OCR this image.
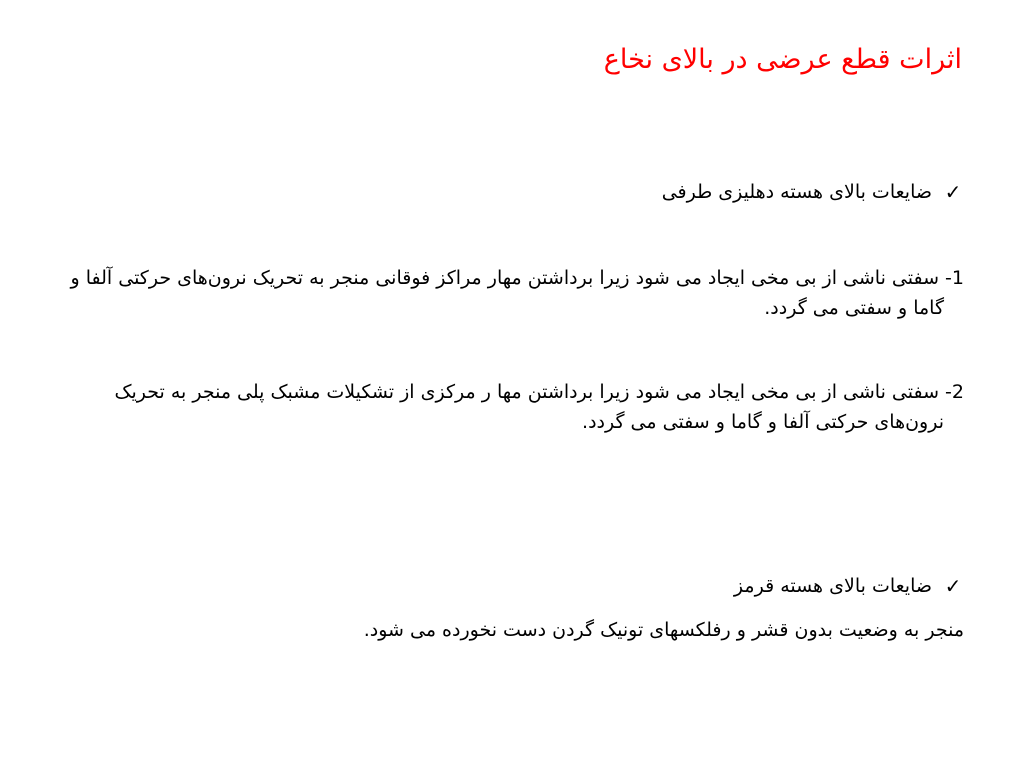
اثرات قطع عرضی در بالای نخاع
✓
ضایعات بالای هسته دهلیزی طرفی
1- سفتی ناشی از بی مخی ایجاد می شود زیرا برداشتن مهار مراکز فوقانی منجر به تحریک نرون‌های حرکتی آلفا و گاما و سفتی می گردد.
2- سفتی ناشی از بی مخی ایجاد می شود زیرا برداشتن مها ر مرکزی از تشکیلات مشبک پلی منجر به تحریک نرون‌های حرکتی آلفا و گاما و سفتی می گردد.
✓
ضایعات بالای هسته قرمز
منجر به وضعیت بدون قشر و رفلکسهای تونیک گردن دست نخورده می شود.
